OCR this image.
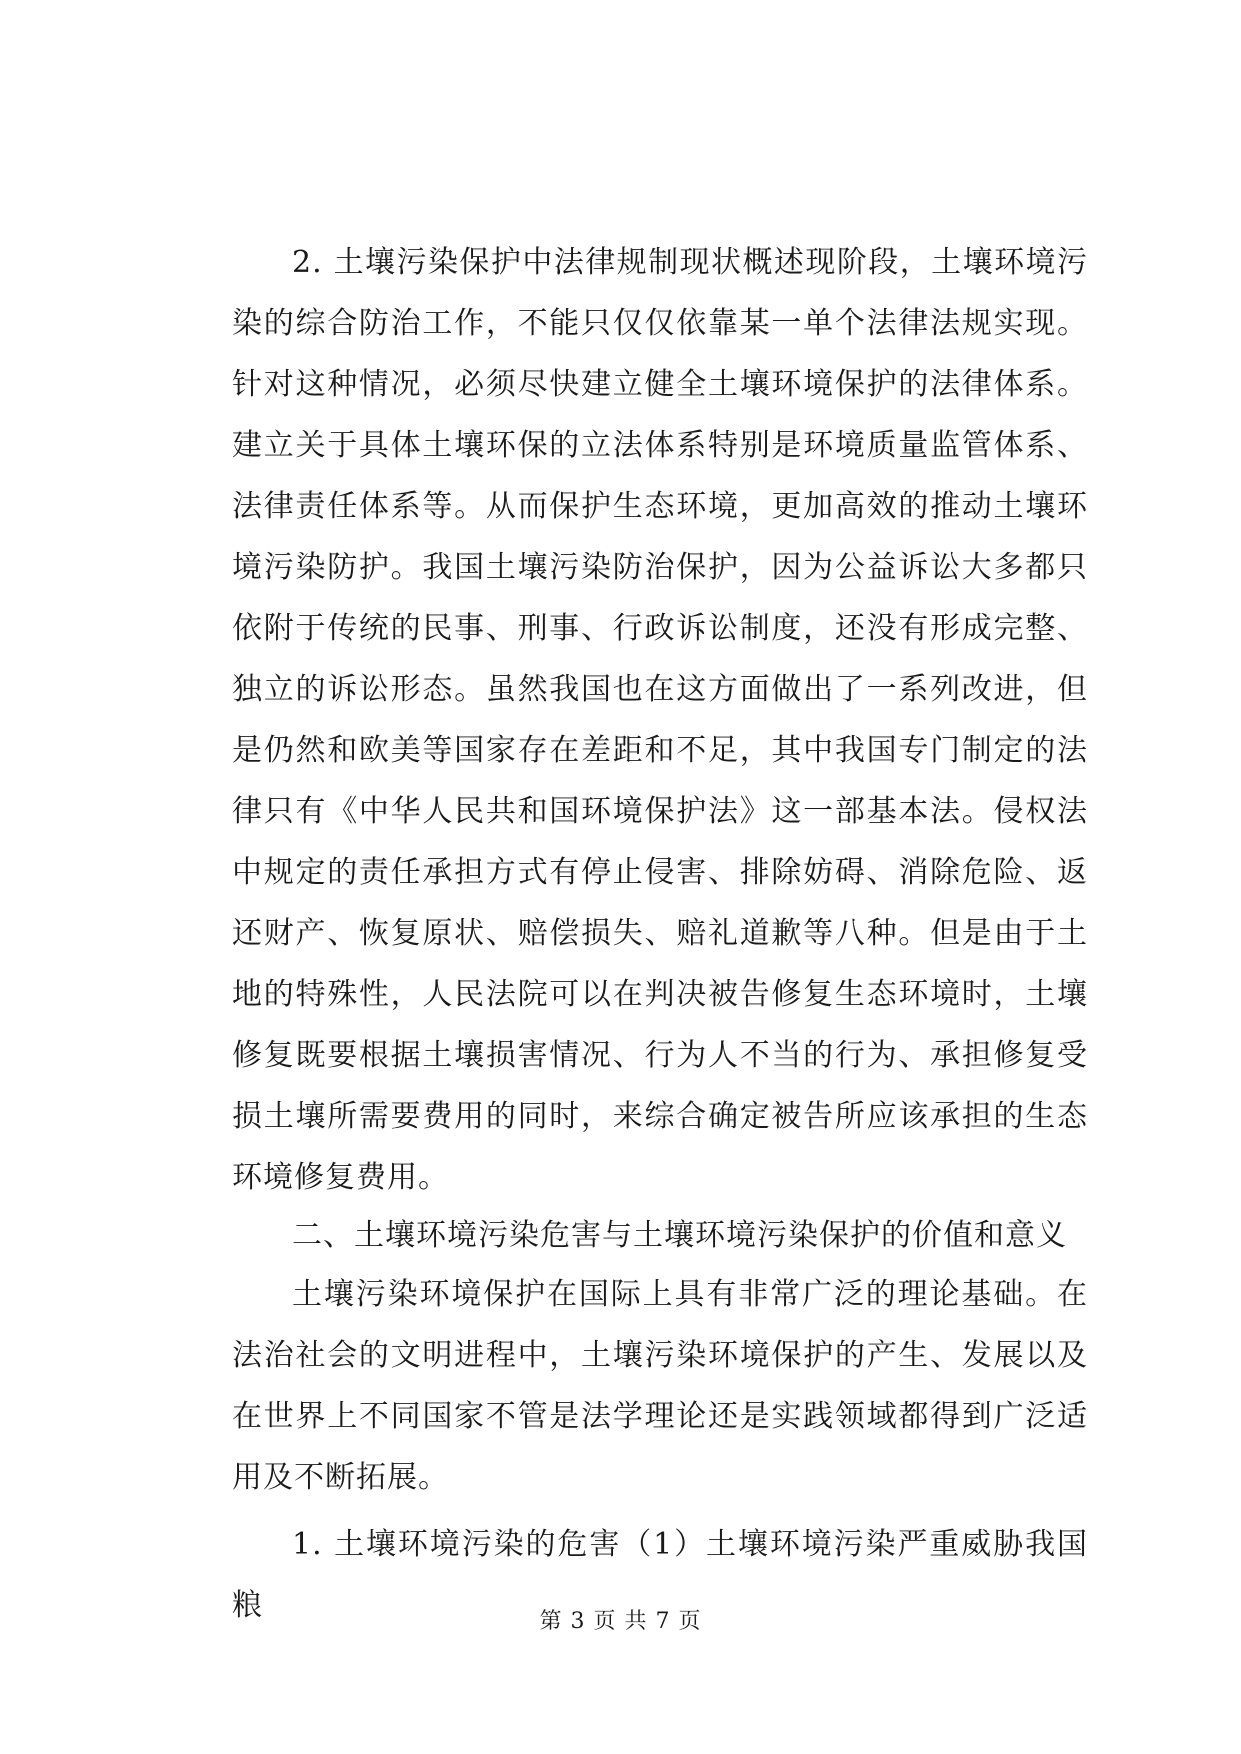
2. 土壤污染保护中法律规制现状概述现阶段，土壤环境污染的综合防治工作，不能只仅仅依靠某一单个法律法规实现。针对这种情况，必须尽快建立健全土壤环境保护的法律体系。建立关于具体土壤环保的立法体系特别是环境质量监管体系、法律责任体系等。从而保护生态环境，更加高效的推动土壤环境污染防护。我国土壤污染防治保护，因为公益诉讼大多都只依附于传统的民事、刑事、行政诉讼制度，还没有形成完整、独立的诉讼形态。虽然我国也在这方面做出了一系列改进，但是仍然和欧美等国家存在差距和不足，其中我国专门制定的法律只有《中华人民共和国环境保护法》这一部基本法。侵权法中规定的责任承担方式有停止侵害、排除妨碍、消除危险、返还财产、恢复原状、赔偿损失、赔礼道歉等八种。但是由于土地的特殊性，人民法院可以在判决被告修复生态环境时，土壤修复既要根据土壤损害情况、行为人不当的行为、承担修复受损土壤所需要费用的同时，来综合确定被告所应该承担的生态环境修复费用。

二、土壤环境污染危害与土壤环境污染保护的价值和意义

土壤污染环境保护在国际上具有非常广泛的理论基础。在法治社会的文明进程中，土壤污染环境保护的产生、发展以及在世界上不同国家不管是法学理论还是实践领域都得到广泛适用及不断拓展。

1. 土壤环境污染的危害（1）土壤环境污染严重威胁我国粮	第 3 页 共 7 页
